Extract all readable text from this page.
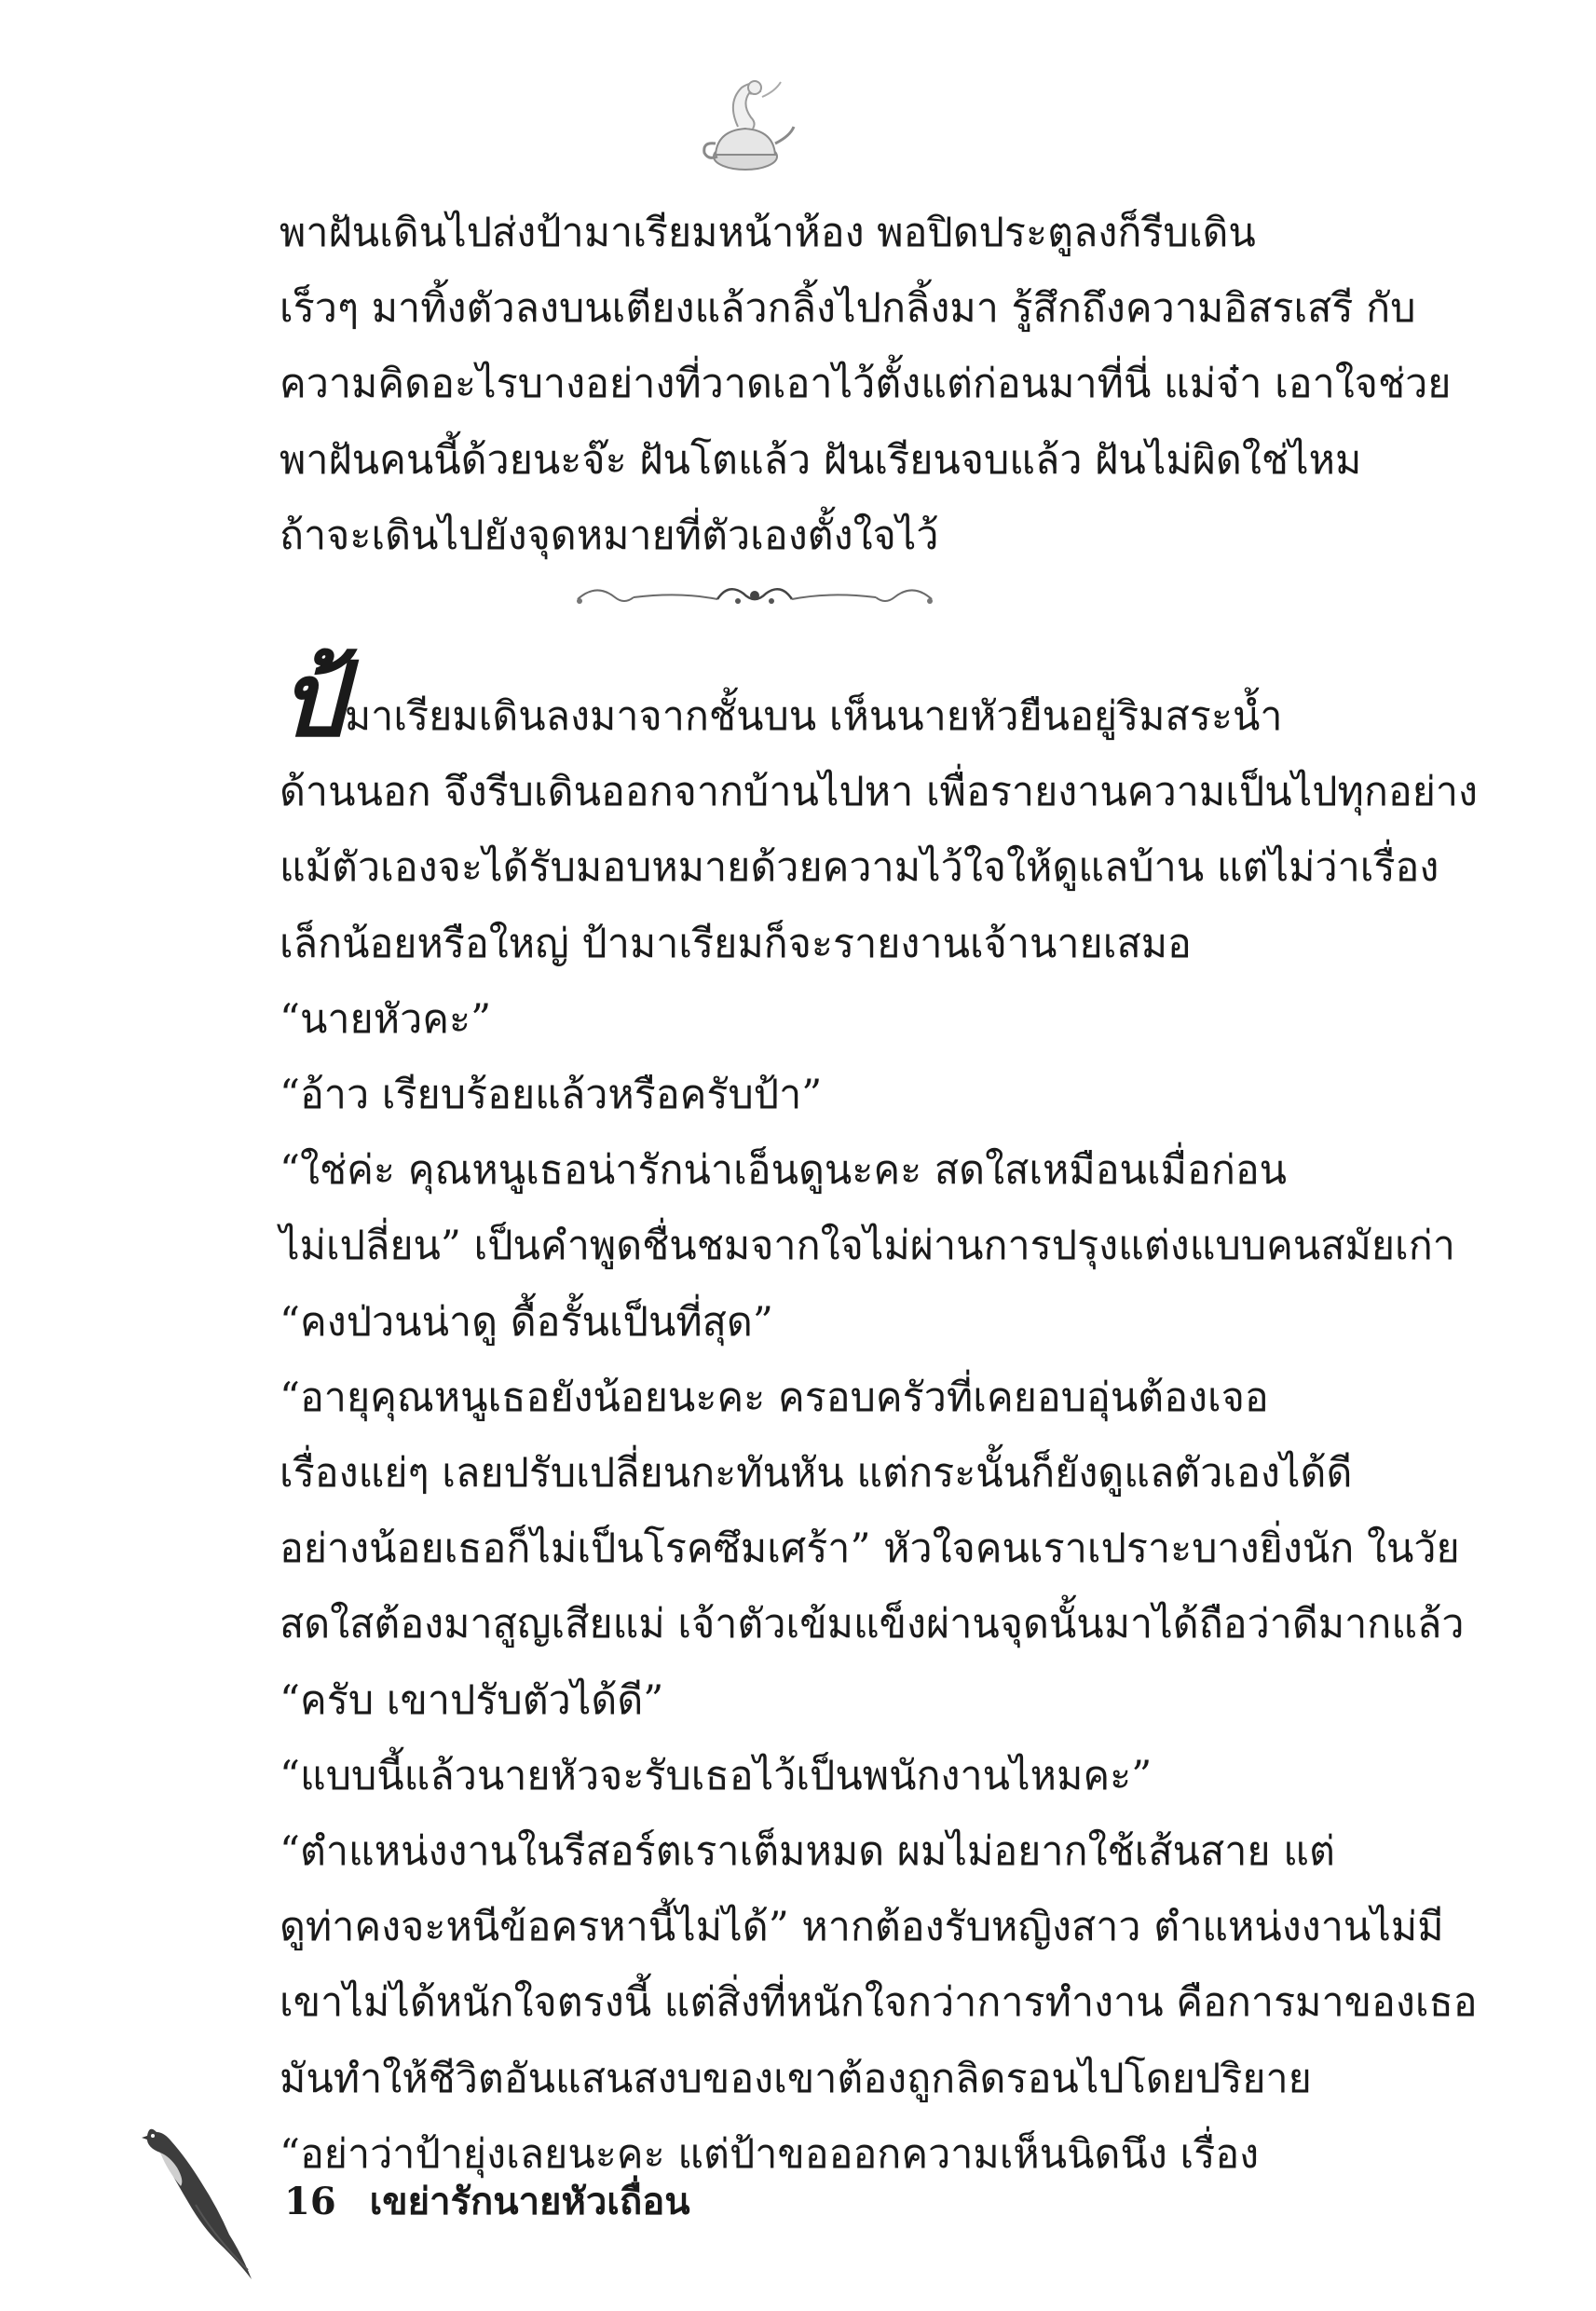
พาฝันเดินไปส่งป้ามาเรียมหน้าห้อง พอปิดประตูลงก็รีบเดิน
เร็วๆ มาทิ้งตัวลงบนเตียงแล้วกลิ้งไปกลิ้งมา รู้สึกถึงความอิสรเสรี กับ
ความคิดอะไรบางอย่างที่วาดเอาไว้ตั้งแต่ก่อนมาที่นี่ แม่จ๋า เอาใจช่วย
พาฝันคนนี้ด้วยนะจ๊ะ ฝันโตแล้ว ฝันเรียนจบแล้ว ฝันไม่ผิดใช่ไหม
ถ้าจะเดินไปยังจุดหมายที่ตัวเองตั้งใจไว้

ป้มาเรียมเดินลงมาจากชั้นบน เห็นนายหัวยืนอยู่ริมสระน้ำ
ด้านนอก จึงรีบเดินออกจากบ้านไปหา เพื่อรายงานความเป็นไปทุกอย่าง
แม้ตัวเองจะได้รับมอบหมายด้วยความไว้ใจให้ดูแลบ้าน แต่ไม่ว่าเรื่อง
เล็กน้อยหรือใหญ่ ป้ามาเรียมก็จะรายงานเจ้านายเสมอ

“นายหัวคะ”

“อ้าว เรียบร้อยแล้วหรือครับป้า”

“ใช่ค่ะ คุณหนูเธอน่ารักน่าเอ็นดูนะคะ สดใสเหมือนเมื่อก่อน
ไม่เปลี่ยน” เป็นคำพูดชื่นชมจากใจไม่ผ่านการปรุงแต่งแบบคนสมัยเก่า

“คงป่วนน่าดู ดื้อรั้นเป็นที่สุด”

“อายุคุณหนูเธอยังน้อยนะคะ ครอบครัวที่เคยอบอุ่นต้องเจอ
เรื่องแย่ๆ เลยปรับเปลี่ยนกะทันหัน แต่กระนั้นก็ยังดูแลตัวเองได้ดี
อย่างน้อยเธอก็ไม่เป็นโรคซึมเศร้า” หัวใจคนเราเปราะบางยิ่งนัก ในวัย
สดใสต้องมาสูญเสียแม่ เจ้าตัวเข้มแข็งผ่านจุดนั้นมาได้ถือว่าดีมากแล้ว

“ครับ เขาปรับตัวได้ดี”

“แบบนี้แล้วนายหัวจะรับเธอไว้เป็นพนักงานไหมคะ”

“ตำแหน่งงานในรีสอร์ตเราเต็มหมด ผมไม่อยากใช้เส้นสาย แต่
ดูท่าคงจะหนีข้อครหานี้ไม่ได้” หากต้องรับหญิงสาว ตำแหน่งงานไม่มี
เขาไม่ได้หนักใจตรงนี้ แต่สิ่งที่หนักใจกว่าการทำงาน คือการมาของเธอ
มันทำให้ชีวิตอันแสนสงบของเขาต้องถูกลิดรอนไปโดยปริยาย

“อย่าว่าป้ายุ่งเลยนะคะ แต่ป้าขอออกความเห็นนิดนึง เรื่อง

16 เขย่ารักนายหัวเถื่อน
